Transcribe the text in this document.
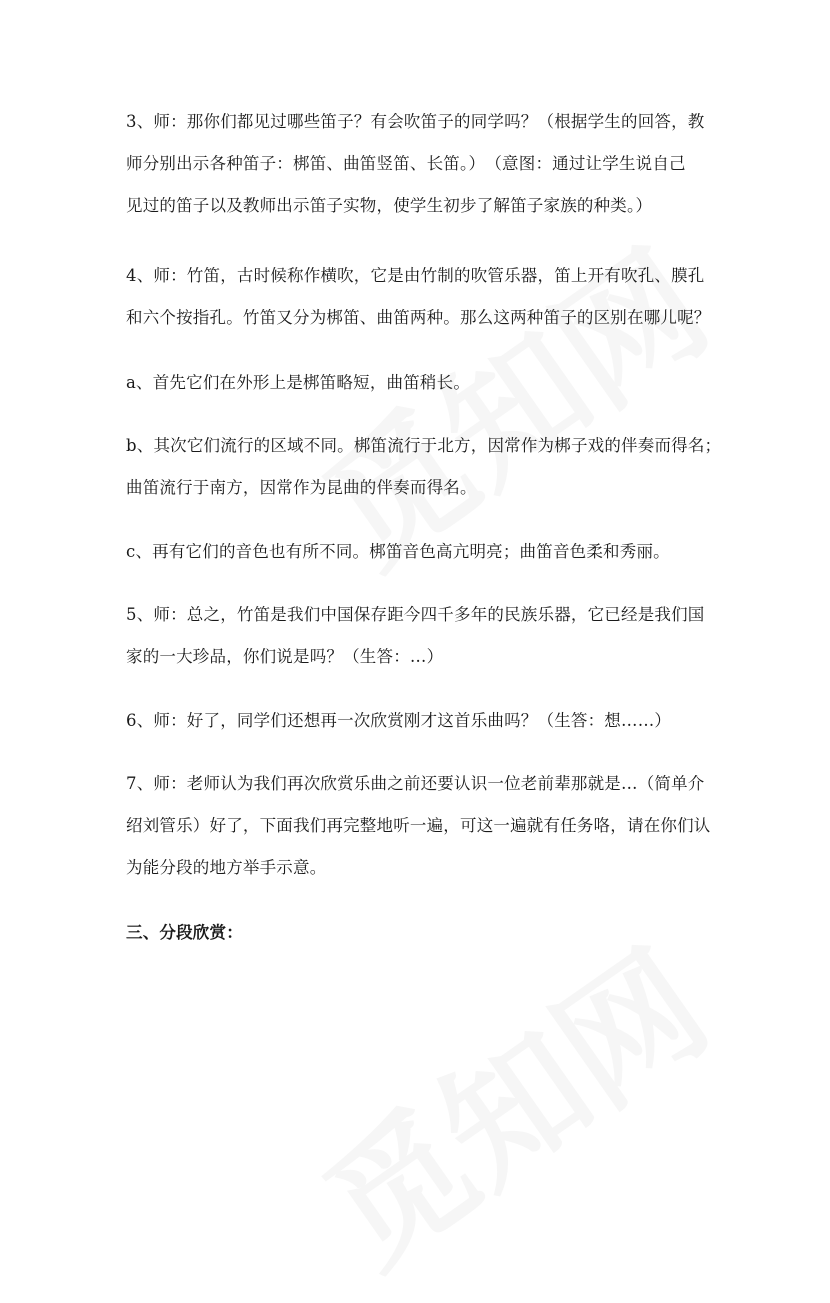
3、师：那你们都见过哪些笛子？有会吹笛子的同学吗？（根据学生的回答，教
师分别出示各种笛子：梆笛、曲笛竖笛、长笛。）　（意图：通过让学生说自己
见过的笛子以及教师出示笛子实物，使学生初步了解笛子家族的种类。）
4、师：竹笛，古时候称作横吹，它是由竹制的吹管乐器，笛上开有吹孔、膜孔
和六个按指孔。竹笛又分为梆笛、曲笛两种。那么这两种笛子的区别在哪儿呢？
a、首先它们在外形上是梆笛略短，曲笛稍长。
b、其次它们流行的区域不同。梆笛流行于北方，因常作为梆子戏的伴奏而得名；
曲笛流行于南方，因常作为昆曲的伴奏而得名。
c、再有它们的音色也有所不同。梆笛音色高亢明亮；曲笛音色柔和秀丽。
5、师：总之，竹笛是我们中国保存距今四千多年的民族乐器，它已经是我们国
家的一大珍品，你们说是吗？（生答：…）
6、师：好了，同学们还想再一次欣赏刚才这首乐曲吗？（生答：想……）
7、师：老师认为我们再次欣赏乐曲之前还要认识一位老前辈那就是…（简单介
绍刘管乐）好了，下面我们再完整地听一遍，可这一遍就有任务咯，请在你们认
为能分段的地方举手示意。
三、分段欣赏：
